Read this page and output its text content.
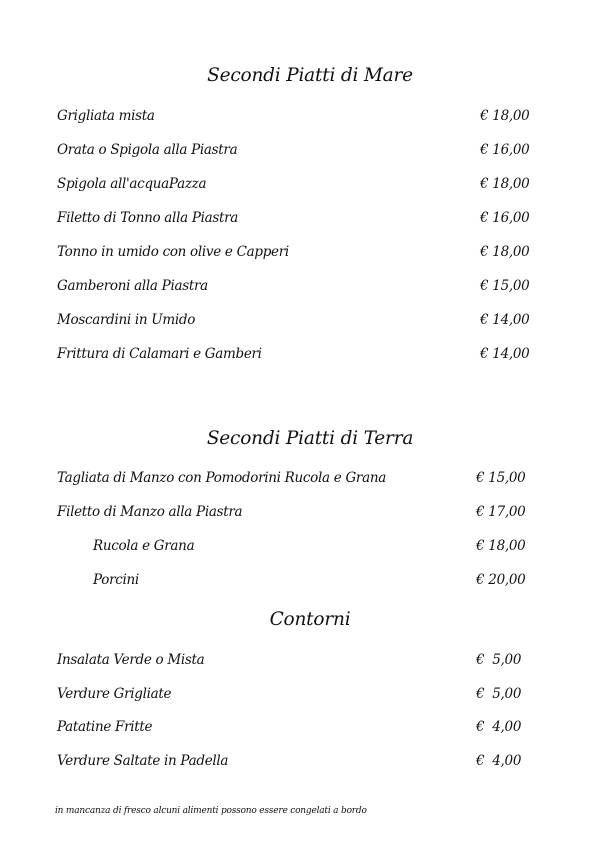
Secondi Piatti di Mare
Grigliata mista	€ 18,00
Orata o Spigola alla Piastra	€ 16,00
Spigola all'acquaPazza	€ 18,00
Filetto di Tonno alla Piastra	€ 16,00
Tonno in umido con olive e Capperi	€ 18,00
Gamberoni alla Piastra	€ 15,00
Moscardini in Umido	€ 14,00
Frittura di Calamari e Gamberi	€ 14,00
Secondi Piatti di Terra
Tagliata di Manzo con Pomodorini Rucola e Grana	€ 15,00
Filetto di Manzo alla Piastra	€ 17,00
Rucola e Grana	€ 18,00
Porcini	€ 20,00
Contorni
Insalata Verde o Mista	€  5,00
Verdure Grigliate	€  5,00
Patatine Fritte	€  4,00
Verdure Saltate in Padella	€  4,00
in mancanza di fresco alcuni alimenti possono essere congelati a bordo
